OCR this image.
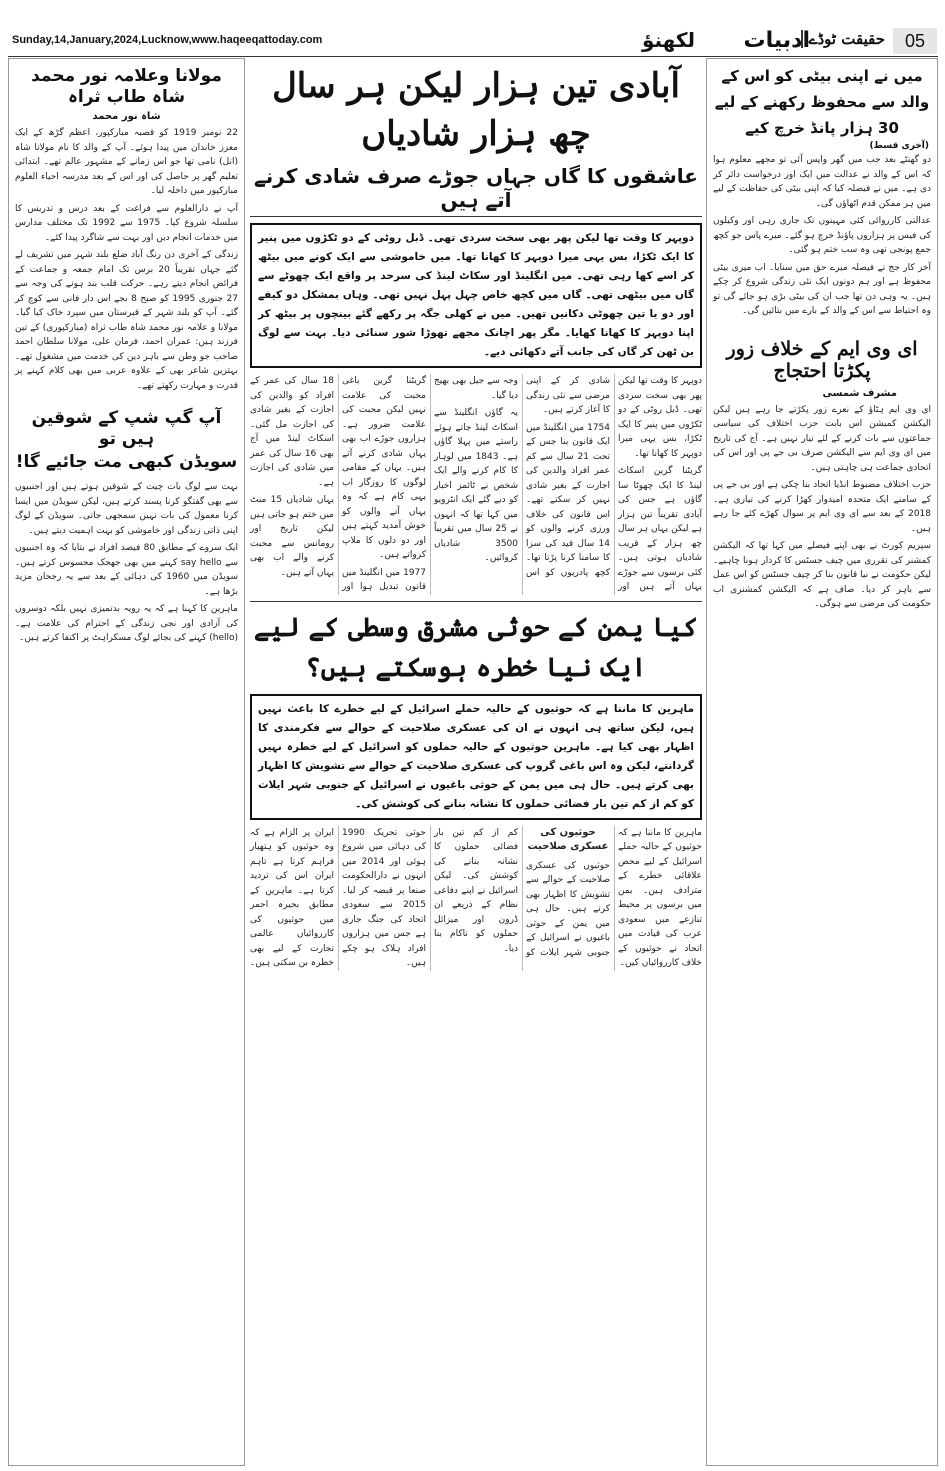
Sunday,14,January,2024,Lucknow,www.haqeeqattoday.com	لکھنؤ ادبیات
حقیقت ٹوڈے	05
مولانا وعلامہ نور محمد شاہ طاب ثراہ
شاہ نور محمد

22 نومبر 1919 کو قصبہ مبارکپور، اعظم گڑھ کے ایک معزز خاندان میں پیدا ہوئے۔ آپ کے والد کا نام مولانا شاہ (انل) نامی تھا جو اس زمانے کے مشہور عالم تھے۔ ابتدائی تعلیم گھر پر حاصل کی اور اس کے بعد مدرسہ احیاء العلوم مبارکپور میں داخلہ لیا۔

آپ نے دارالعلوم سے فراغت کے بعد درس و تدریس کا سلسلہ شروع کیا۔ 1975 سے 1992 تک مختلف مدارس میں خدمات انجام دیں اور بہت سے شاگرد پیدا کئے۔

زندگی کے آخری دن رنگ آباد ضلع بلند شہر میں تشریف لے گئے جہاں تقریباً 20 برس تک امام جمعہ و جماعت کے فرائض انجام دیتے رہے۔ حرکت قلب بند ہونے کی وجہ سے 27 جنوری 1995 کو صبح 8 بجے اس دار فانی سے کوچ کر گئے۔ آپ کو بلند شہر کے قبرستان میں سپرد خاک کیا گیا۔ مولانا و علامہ نور محمد شاہ طاب ثراہ (مبارکپوری) کے تین فرزند ہیں: عمران احمد، فرمان علی، مولانا سلطان احمد صاحب جو وطن سے باہر دین کی خدمت میں مشغول تھے۔ بہترین شاعر بھی کے علاوہ عربی میں بھی کلام کہنے پر قدرت و مہارت رکھتے تھے۔

آپ گپ شپ کے شوقین ہیں تو
سویڈن کبھی مت جائیے گا!

بہت سے لوگ بات چیت کے شوقین ہوتے ہیں اور اجنبیوں سے بھی گفتگو کرنا پسند کرتے ہیں، لیکن سویڈن میں ایسا کرنا معمول کی بات نہیں سمجھی جاتی۔ سویڈن کے لوگ اپنی ذاتی زندگی اور خاموشی کو بہت اہمیت دیتے ہیں۔

ایک سروے کے مطابق 80 فیصد افراد نے بتایا کہ وہ اجنبیوں سے say hello کہنے میں بھی جھجک محسوس کرتے ہیں۔ سویڈن میں 1960 کی دہائی کے بعد سے یہ رجحان مزید بڑھا ہے۔

ماہرین کا کہنا ہے کہ یہ رویہ بدتمیزی نہیں بلکہ دوسروں کی آزادی اور نجی زندگی کے احترام کی علامت ہے۔ (hello) کہنے کی بجائے لوگ مسکراہٹ پر اکتفا کرتے ہیں۔

آبادی تین ہزار لیکن ہر سال چھ ہزار شادیاں
عاشقوں کا گاں جہاں جوڑے صرف شادی کرنے آتے ہیں
دوپہر کا وقت تھا لیکن پھر بھی سخت سردی تھی۔ ڈبل روٹی کے دو ٹکڑوں میں پنیر کا ایک ٹکڑا، بس یہی میرا دوپہر کا کھانا تھا۔ میں خاموشی سے ایک کونے میں بیٹھ کر اسے کھا رہی تھی۔ میں انگلینڈ اور سکاٹ لینڈ کی سرحد پر واقع ایک چھوٹے سے گاں میں بیٹھی تھی۔ گاں میں کچھ خاص چہل پہل نہیں تھی۔ وہاں بمشکل دو کیفے اور دو یا تین چھوٹی دکانیں تھیں۔ میں نے کھلی جگہ پر رکھے گئے بینچوں پر بیٹھ کر اپنا دوپہر کا کھانا کھایا۔ مگر پھر اچانک مجھے تھوڑا شور سنائی دیا۔ بہت سے لوگ بن ٹھن کر گاں کی جانب آتے دکھائی دیے۔

دوپہر کا وقت تھا لیکن پھر بھی سخت سردی تھی۔ ڈبل روٹی کے دو ٹکڑوں میں پنیر کا ایک ٹکڑا، بس یہی میرا دوپہر کا کھانا تھا۔

گریٹنا گرین اسکاٹ لینڈ کا ایک چھوٹا سا گاؤں ہے جس کی آبادی تقریباً تین ہزار ہے لیکن یہاں ہر سال چھ ہزار کے قریب شادیاں ہوتی ہیں۔ کئی برسوں سے جوڑے یہاں آتے ہیں اور شادی کر کے اپنی مرضی سے نئی زندگی کا آغاز کرتے ہیں۔

1754 میں انگلینڈ میں ایک قانون بنا جس کے تحت 21 سال سے کم عمر افراد والدین کی اجازت کے بغیر شادی نہیں کر سکتے تھے۔ اس قانون کی خلاف ورزی کرنے والوں کو 14 سال قید کی سزا کا سامنا کرنا پڑتا تھا۔ کچھ پادریوں کو اس وجہ سے جیل بھی بھیج دیا گیا۔

یہ گاؤں انگلینڈ سے اسکاٹ لینڈ جاتے ہوئے راستے میں پہلا گاؤں ہے۔ 1843 میں لوہار کا کام کرنے والے ایک شخص نے ٹائمز اخبار کو دیے گئے ایک انٹرویو میں کہا تھا کہ انہوں نے 25 سال میں تقریباً 3500 شادیاں کروائیں۔

گریٹنا گرین باغی محبت کی علامت نہیں لیکن محبت کی علامت ضرور ہے۔ ہزاروں جوڑے اب بھی یہاں شادی کرنے آتے ہیں۔ یہاں کے مقامی لوگوں کا روزگار اب یہی کام ہے کہ وہ یہاں آنے والوں کو خوش آمدید کہتے ہیں اور دو دلوں کا ملاپ کرواتے ہیں۔

1977 میں انگلینڈ میں قانون تبدیل ہوا اور 18 سال کی عمر کے افراد کو والدین کی اجازت کے بغیر شادی کی اجازت مل گئی۔ اسکاٹ لینڈ میں آج بھی 16 سال کی عمر میں شادی کی اجازت ہے۔

یہاں شادیاں 15 منٹ میں ختم ہو جاتی ہیں لیکن تاریخ اور رومانس سے محبت کرنے والے اب بھی یہاں آتے ہیں۔

کیا یمن کے حوثی مشرق وسطی کے لیے ایک نیا خطرہ ہوسکتے ہیں؟
ماہرین کا ماننا ہے کہ حوثیوں کے حالیہ حملے اسرائیل کے لیے خطرے کا باعث نہیں ہیں، لیکن ساتھ ہی انہوں نے ان کی عسکری صلاحیت کے حوالے سے فکرمندی کا اظہار بھی کیا ہے۔ ماہرین حوثیوں کے حالیہ حملوں کو اسرائیل کے لیے خطرہ نہیں گردانتے، لیکن وہ اس باغی گروپ کی عسکری صلاحیت کے حوالے سے تشویش کا اظہار بھی کرتے ہیں۔ حال ہی میں یمن کے حوثی باغیوں نے اسرائیل کے جنوبی شہر ایلات کو کم از کم تین بار فضائی حملوں کا نشانہ بنانے کی کوشش کی۔

ماہرین کا ماننا ہے کہ حوثیوں کے حالیہ حملے اسرائیل کے لیے محض علاقائی خطرے کے مترادف ہیں۔ یمن میں برسوں پر محیط تنازعے میں سعودی عرب کی قیادت میں اتحاد نے حوثیوں کے خلاف کارروائیاں کیں۔

حوثیوں کی عسکری صلاحیت

حوثیوں کی عسکری صلاحیت کے حوالے سے تشویش کا اظہار بھی کرتے ہیں۔ حال ہی میں یمن کے حوثی باغیوں نے اسرائیل کے جنوبی شہر ایلات کو کم از کم تین بار فضائی حملوں کا نشانہ بنانے کی کوشش کی۔ لیکن اسرائیل نے اپنے دفاعی نظام کے ذریعے ان ڈرون اور میزائل حملوں کو ناکام بنا دیا۔

حوثی تحریک 1990 کی دہائی میں شروع ہوئی اور 2014 میں انہوں نے دارالحکومت صنعا پر قبضہ کر لیا۔ 2015 سے سعودی اتحاد کی جنگ جاری ہے جس میں ہزاروں افراد ہلاک ہو چکے ہیں۔

ایران پر الزام ہے کہ وہ حوثیوں کو ہتھیار فراہم کرتا ہے تاہم ایران اس کی تردید کرتا ہے۔ ماہرین کے مطابق بحیرہ احمر میں حوثیوں کی کارروائیاں عالمی تجارت کے لیے بھی خطرہ بن سکتی ہیں۔

میں نے اپنی بیٹی کو اس کے والد سے محفوظ رکھنے کے لیے 30 ہزار پانڈ خرچ کیے
(آخری قسط)

دو گھنٹے بعد جب میں گھر واپس آئی تو مجھے معلوم ہوا کہ اس کے والد نے عدالت میں ایک اور درخواست دائر کر دی ہے۔ میں نے فیصلہ کیا کہ اپنی بیٹی کی حفاظت کے لیے میں ہر ممکن قدم اٹھاؤں گی۔

عدالتی کارروائی کئی مہینوں تک جاری رہی اور وکیلوں کی فیس پر ہزاروں پاؤنڈ خرچ ہو گئے۔ میرے پاس جو کچھ جمع پونجی تھی وہ سب ختم ہو گئی۔

آخر کار جج نے فیصلہ میرے حق میں سنایا۔ اب میری بیٹی محفوظ ہے اور ہم دونوں ایک نئی زندگی شروع کر چکے ہیں۔ یہ وہی دن تھا جب ان کی بیٹی بڑی ہو جائے گی تو وہ احتیاط سے اس کے والد کے بارے میں بتائیں گی۔

ای وی ایم کے خلاف زور پکڑتا احتجاج
مشرف شمسی

ای وی ایم ہٹاؤ کے نعرے زور پکڑتے جا رہے ہیں لیکن الیکشن کمیشن اس بابت حزب اختلاف کی سیاسی جماعتوں سے بات کرنے کے لئے تیار نہیں ہے۔ آج کی تاریخ میں ای وی ایم سے الیکشن صرف بی جے پی اور اس کی اتحادی جماعت ہی چاہتی ہیں۔

حزب اختلاف مضبوط انڈیا اتحاد بنا چکی ہے اور بی جے پی کے سامنے ایک متحدہ امیدوار کھڑا کرنے کی تیاری ہے۔ 2018 کے بعد سے ای وی ایم پر سوال کھڑے کئے جا رہے ہیں۔

سپریم کورٹ نے بھی اپنے فیصلے میں کہا تھا کہ الیکشن کمشنر کی تقرری میں چیف جسٹس کا کردار ہونا چاہیے۔ لیکن حکومت نے نیا قانون بنا کر چیف جسٹس کو اس عمل سے باہر کر دیا۔ صاف ہے کہ الیکشن کمشنری اب حکومت کی مرضی سے ہوگی۔
